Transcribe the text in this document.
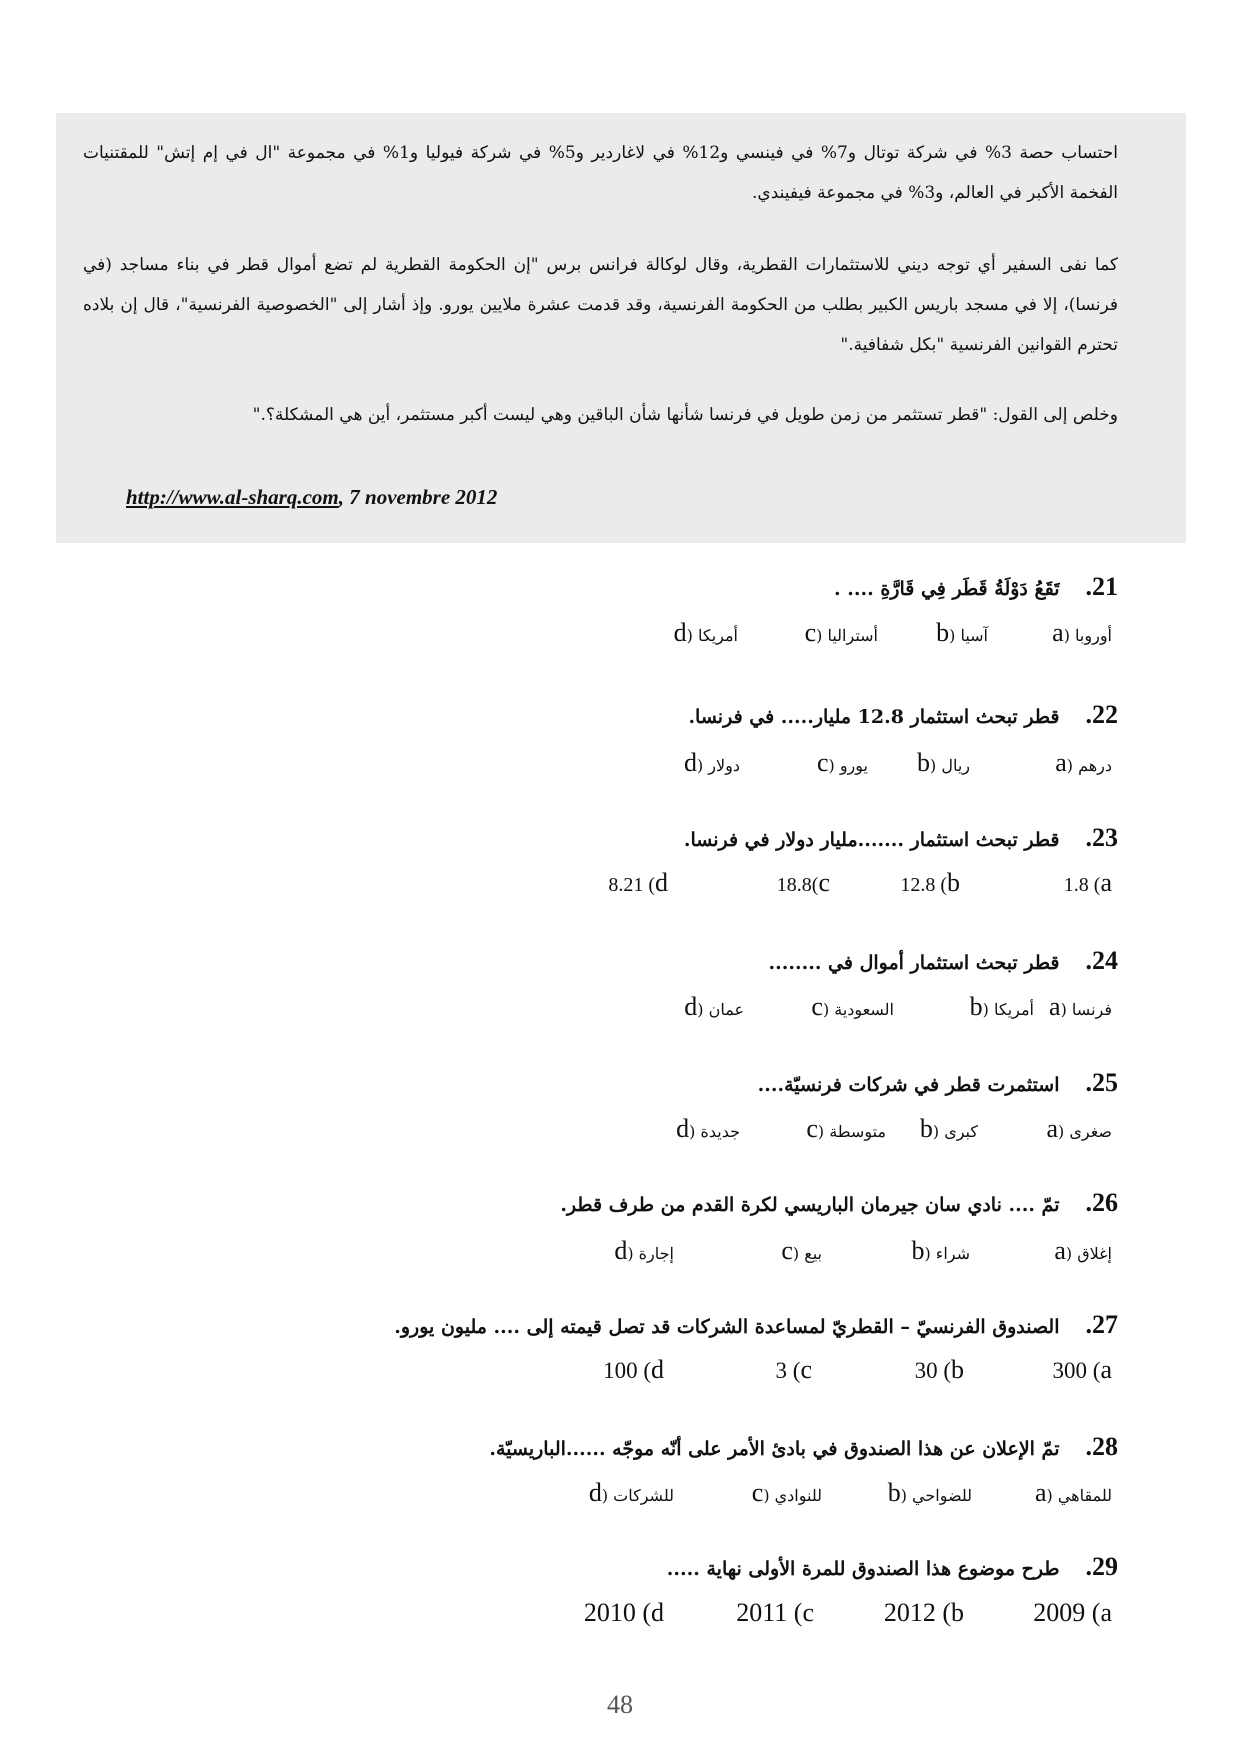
احتساب حصة 3% في شركة توتال و7% في فينسي و12% في لاغاردير و5% في شركة فيوليا و1% في مجموعة "ال في إم إتش" للمقتنيات الفخمة الأكبر في العالم، و3% في مجموعة فيفيندي.

كما نفى السفير أي توجه ديني للاستثمارات القطرية، وقال لوكالة فرانس برس "إن الحكومة القطرية لم تضع أموال قطر في بناء مساجد (في فرنسا)، إلا في مسجد باريس الكبير بطلب من الحكومة الفرنسية، وقد قدمت عشرة ملايين يورو. وإذ أشار إلى "الخصوصية الفرنسية"، قال إن بلاده تحترم القوانين الفرنسية "بكل شفافية."

وخلص إلى القول: "قطر تستثمر من زمن طويل في فرنسا شأنها شأن الباقين وهي ليست أكبر مستثمر، أين هي المشكلة؟."

http://www.al-sharq.com, 7 novembre 2012
21.تَقَعُ دَوْلَةُ قَطَر فِي قَارَّةِ .... .
a) أوروبا
b) آسيا
c) أستراليا
d) أمريكا
22.قطر تبحث استثمار 12.8 مليار..... في فرنسا.
a) درهم
b) ريال
c) يورو
d) دولار
23.قطر تبحث استثمار .......مليار دولار في فرنسا.
1.8 (a
12.8 (b
18.8(c
8.21 (d
24.قطر تبحث استثمار أموال في ........
a) فرنسا
b) أمريكا
c) السعودية
d) عمان
25.استثمرت قطر في شركات فرنسيّة....
a) صغرى
b) كبرى
c) متوسطة
d) جديدة
26.تمّ .... نادي سان جيرمان الباريسي لكرة القدم من طرف قطر.
a) إغلاق
b) شراء
c) بيع
d) إجارة
27.الصندوق الفرنسيّ – القطريّ لمساعدة الشركات قد تصل قيمته إلى .... مليون يورو.
300 (a
30 (b
3 (c
100 (d
28.تمّ الإعلان عن هذا الصندوق في بادئ الأمر على أنّه موجّه ......الباريسيّة.
a) للمقاهي
b) للضواحي
c) للنوادي
d) للشركات
29.طرح موضوع هذا الصندوق للمرة الأولى نهاية .....
2009 (a
2012 (b
2011 (c
2010 (d
48
